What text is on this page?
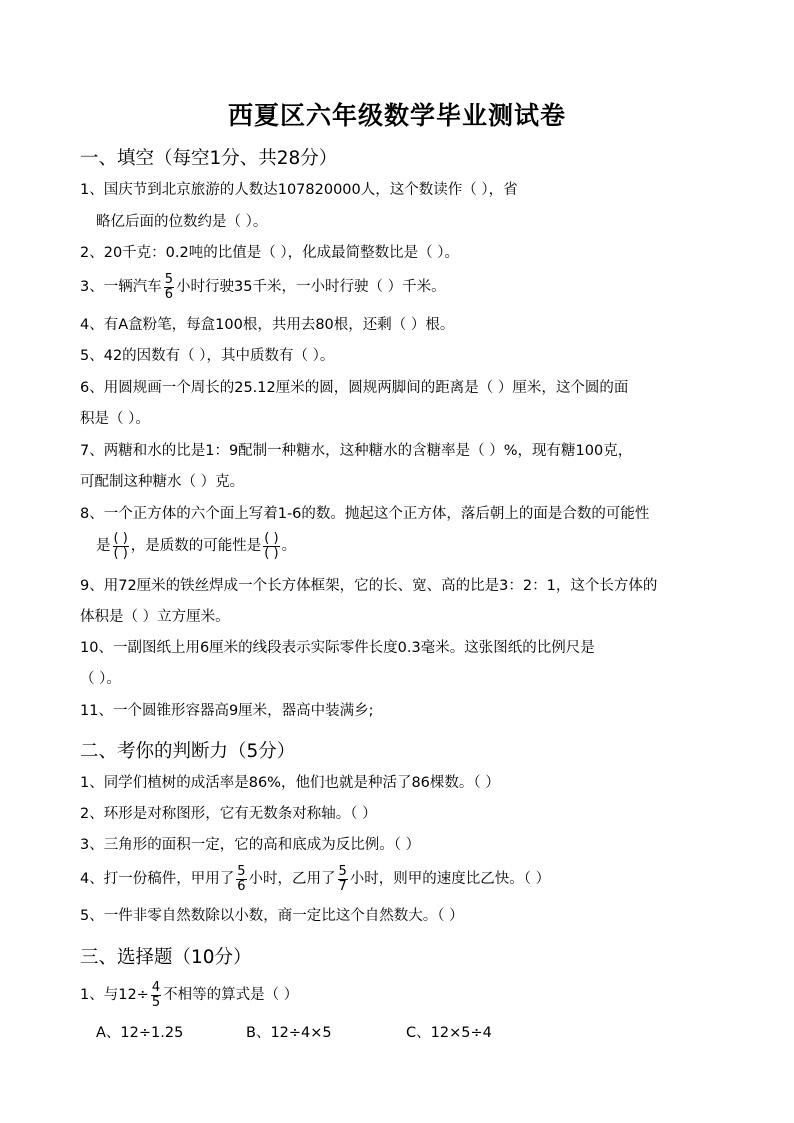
西夏区六年级数学毕业测试卷
一、填空（每空1分、共28分）
1、国庆节到北京旅游的人数达107820000人，这个数读作（ ），省
略亿后面的位数约是（ ）。
2、20千克：0.2吨的比值是（ ），化成最简整数比是（ ）。
3、一辆汽车 $\frac{5}{6}$ 小时行驶35千米，一小时行驶（ ）千米。
4、有A盒粉笔，每盒100根，共用去80根，还剩（ ）根。
5、42的因数有（ ），其中质数有（ ）。
6、用圆规画一个周长的25.12厘米的圆，圆规两脚间的距离是（ ）厘米，这个圆的面
积是（ ）。
7、两糖和水的比是1：9配制一种糖水，这种糖水的含糖率是（ ）%，现有糖100克，
可配制这种糖水（ ）克。
8、一个正方体的六个面上写着1-6的数。抛起这个正方体，落后朝上的面是合数的可能性
是 $\frac{( )}{( )}$ ，是质数的可能性是 $\frac{( )}{( )}$ 。
9、用72厘米的铁丝焊成一个长方体框架，它的长、宽、高的比是3：2：1，这个长方体的
体积是（ ）立方厘米。
10、一副图纸上用6厘米的线段表示实际零件长度0.3毫米。这张图纸的比例尺是
（ ）。
11、一个圆锥形容器高9厘米，器高中装满乡;
二、考你的判断力（5分）
1、同学们植树的成活率是86%，他们也就是种活了86棵数。（ ）
2、环形是对称图形，它有无数条对称轴。（ ）
3、三角形的面积一定，它的高和底成为反比例。（ ）
4、打一份稿件，甲用了 $\frac{5}{6}$ 小时，乙用了 $\frac{5}{7}$ 小时，则甲的速度比乙快。（ ）
5、一件非零自然数除以小数，商一定比这个自然数大。（ ）
三、选择题（10分）
1、与$12\div \frac{4}{5}$ 不相等的算式是（ ）
A、12÷1.25	B、12÷4×5	C、12×5÷4
